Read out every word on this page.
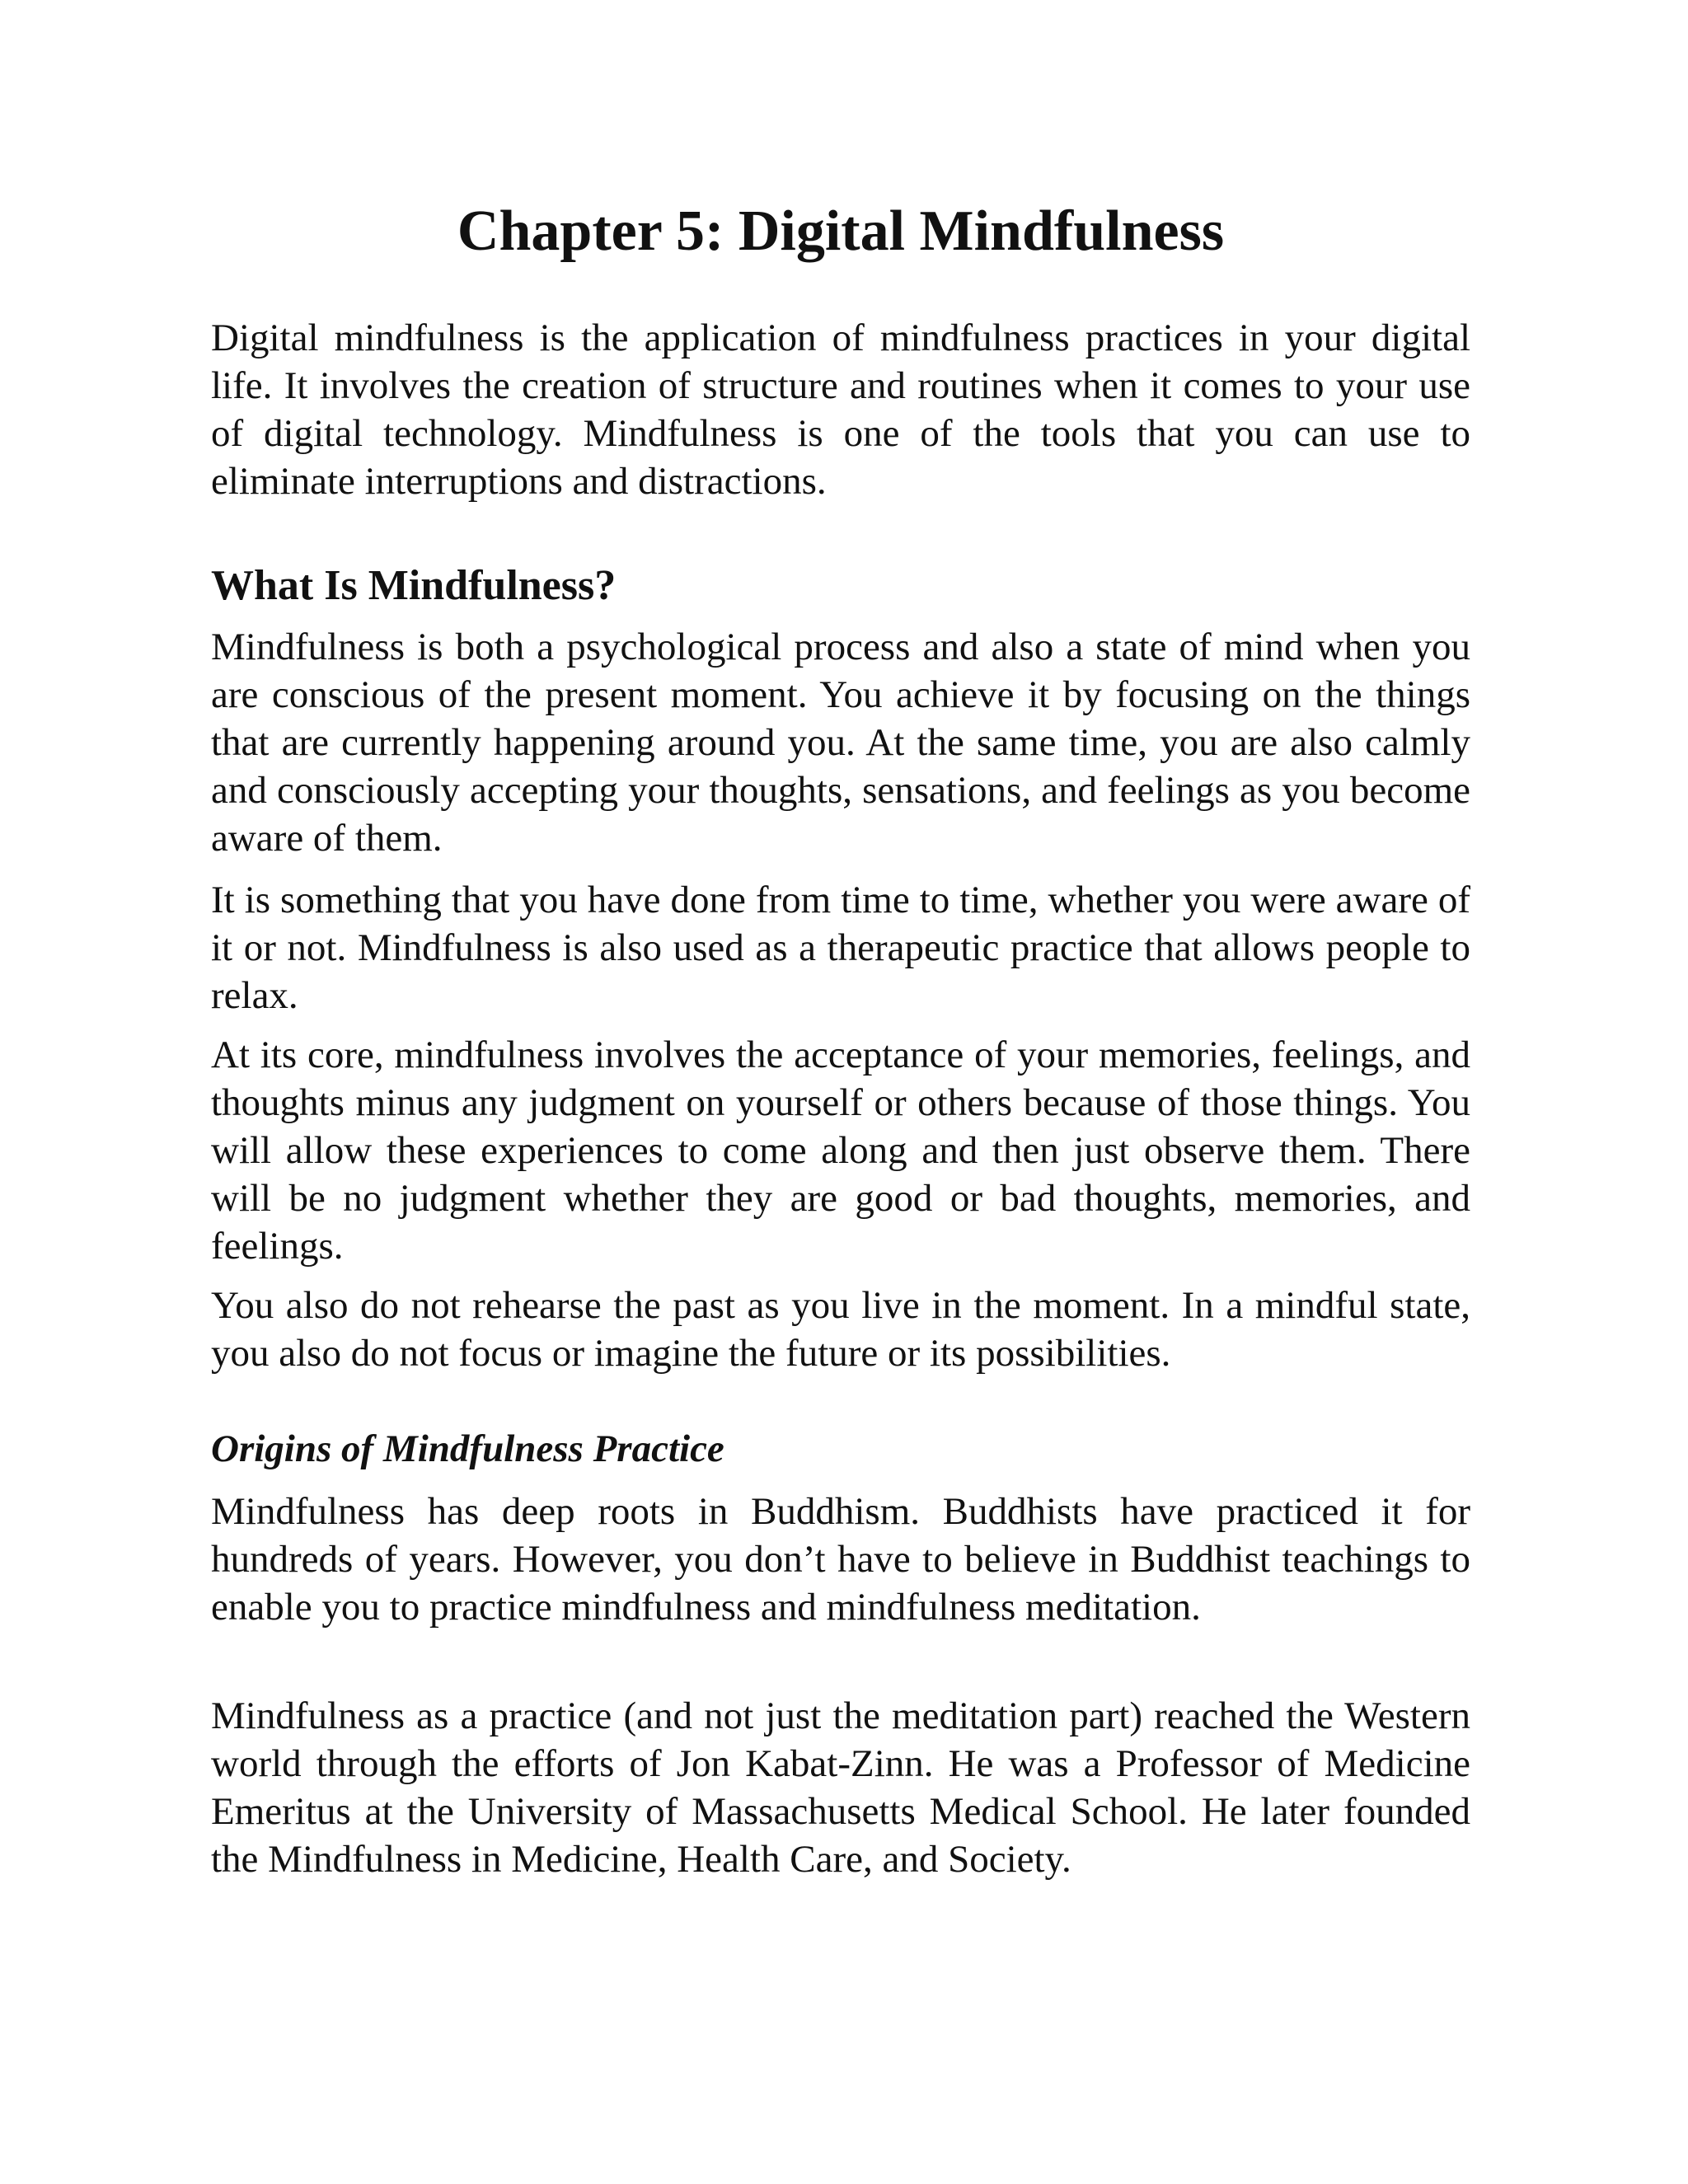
Chapter 5: Digital Mindfulness

Digital mindfulness is the application of mindfulness practices in your digital life. It involves the creation of structure and routines when it comes to your use of digital technology. Mindfulness is one of the tools that you can use to eliminate interruptions and distractions.

What Is Mindfulness?

Mindfulness is both a psychological process and also a state of mind when you are conscious of the present moment. You achieve it by focusing on the things that are currently happening around you. At the same time, you are also calmly and consciously accepting your thoughts, sensations, and feelings as you become aware of them.

It is something that you have done from time to time, whether you were aware of it or not. Mindfulness is also used as a therapeutic practice that allows people to relax.

At its core, mindfulness involves the acceptance of your memories, feelings, and thoughts minus any judgment on yourself or others because of those things. You will allow these experiences to come along and then just observe them. There will be no judgment whether they are good or bad thoughts, memories, and feelings.

You also do not rehearse the past as you live in the moment. In a mindful state, you also do not focus or imagine the future or its possibilities.

Origins of Mindfulness Practice

Mindfulness has deep roots in Buddhism. Buddhists have practiced it for hundreds of years. However, you don’t have to believe in Buddhist teachings to enable you to practice mindfulness and mindfulness meditation.

Mindfulness as a practice (and not just the meditation part) reached the Western world through the efforts of Jon Kabat-Zinn. He was a Professor of Medicine Emeritus at the University of Massachusetts Medical School. He later founded the Mindfulness in Medicine, Health Care, and Society.
